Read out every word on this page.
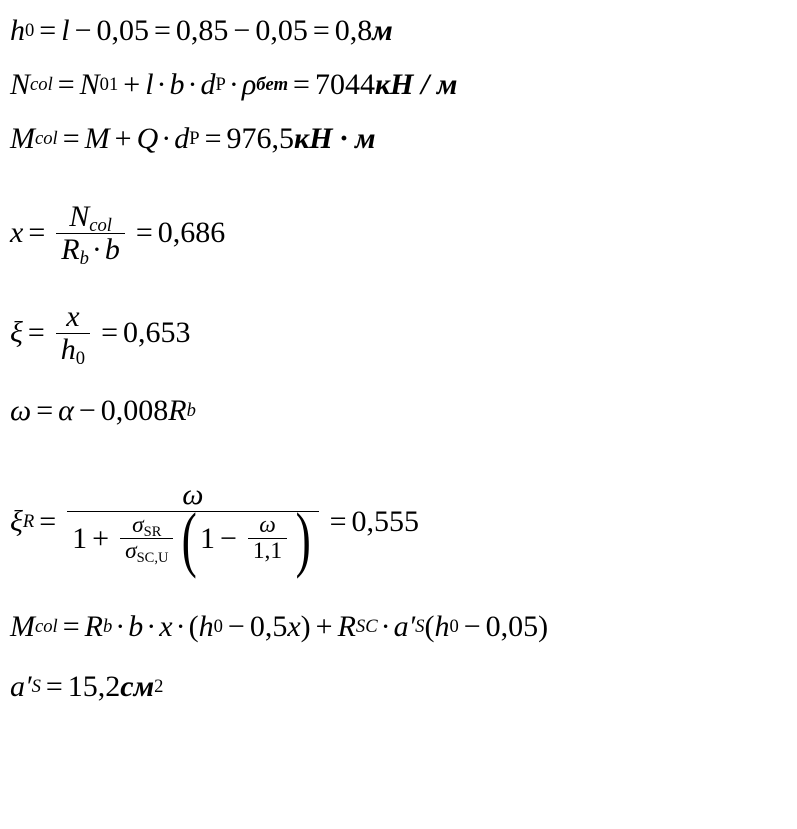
h 0 = l − 0,05 = 0,85 − 0,05 = 0,8 м
N col = N 01 + l · b · d P · ρ бет = 7044 кН / м
M col = M + Q · d P = 976,5 кН · м
$x = \frac{N_{col}}{R_b \cdot b} = 0,686$
$\xi = \frac{x}{h_0} = 0,653$
ω = α − 0,008 R b
ξ R =
ω
$1 + \frac{\sigma_{SR}}{\sigma_{SC,U}}$ ( $1 - \frac{\omega}{1,1}$ ) = 0,555
M col = R b · b · x · ( h 0 − 0,5 x ) + R SC · a ′ S ( h 0 − 0,05 )
a ′ S = 15,2 см 2
